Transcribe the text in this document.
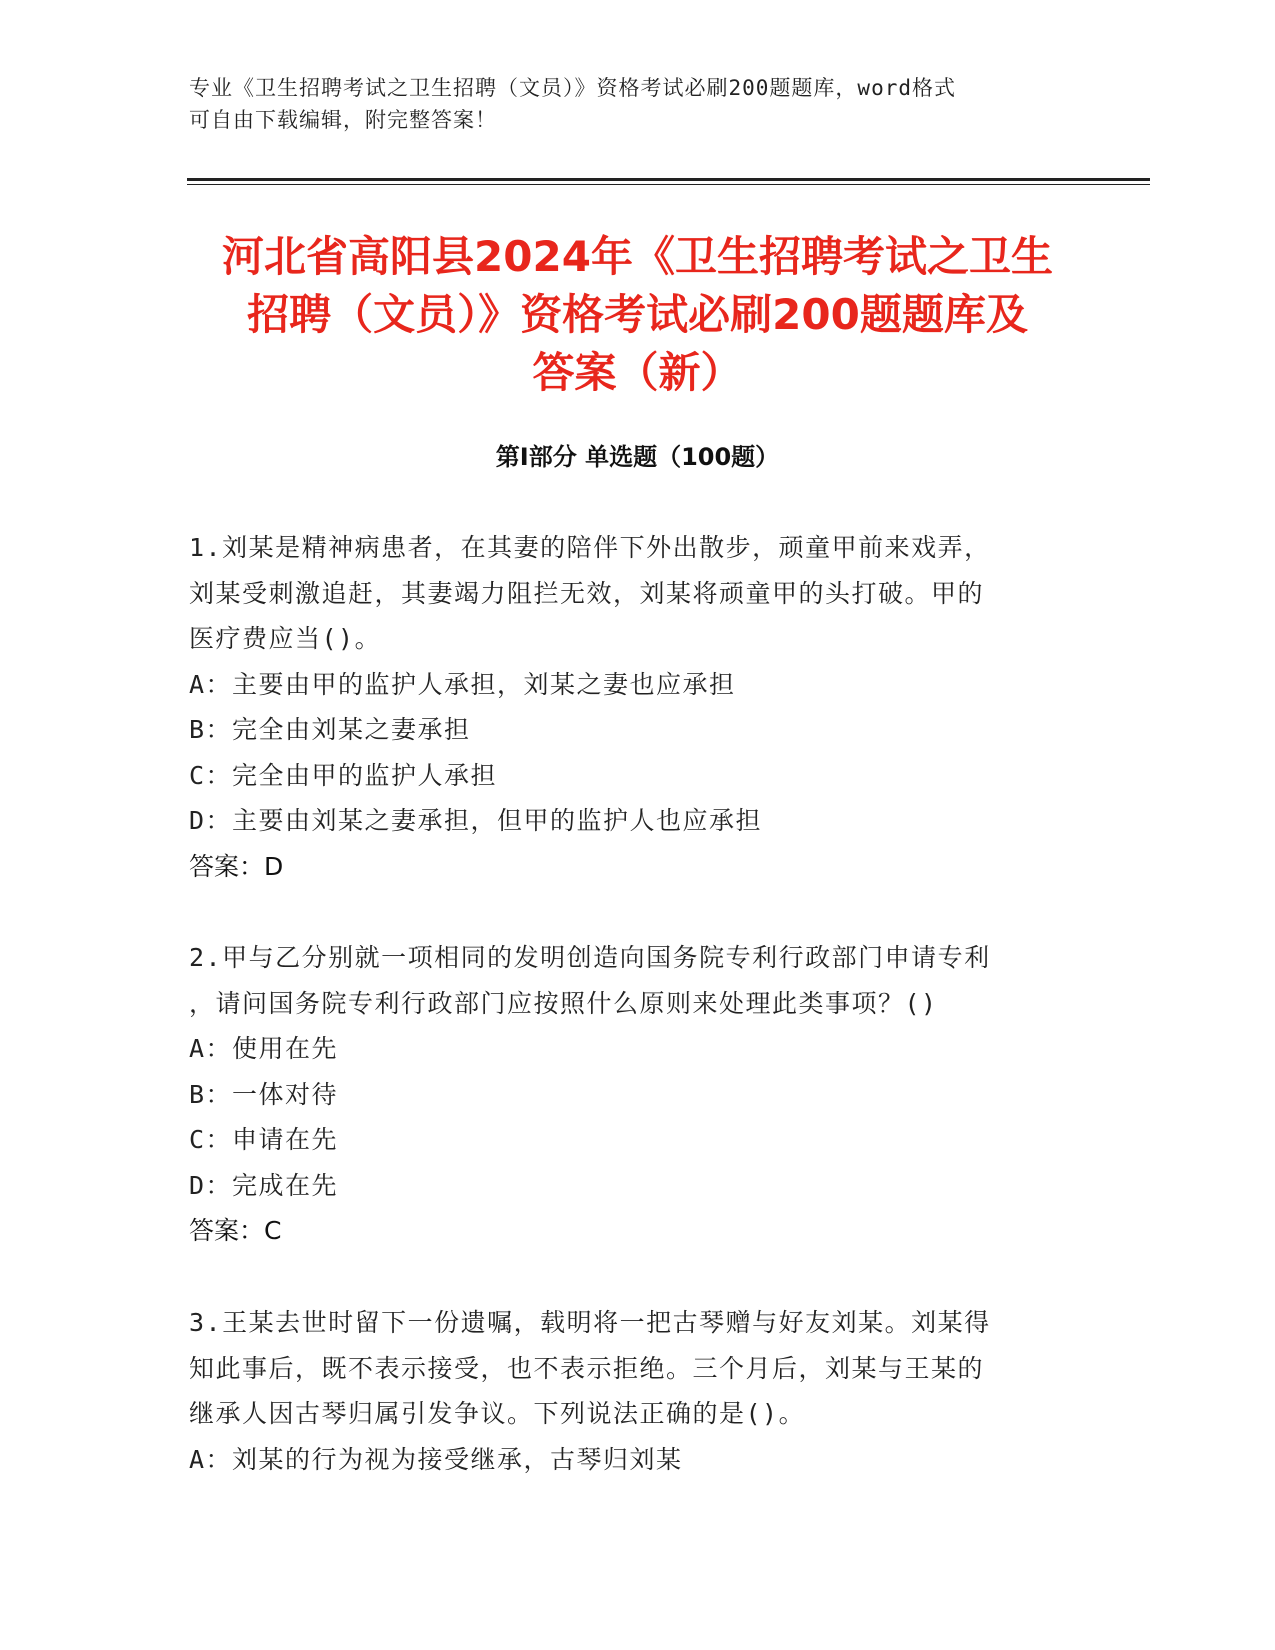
专业《卫生招聘考试之卫生招聘（文员）》资格考试必刷200题题库，word格式
可自由下载编辑，附完整答案！
河北省高阳县2024年《卫生招聘考试之卫生
招聘（文员）》资格考试必刷200题题库及
答案（新）
第Ⅰ部分 单选题（100题）
1.刘某是精神病患者，在其妻的陪伴下外出散步，顽童甲前来戏弄，
刘某受刺激追赶，其妻竭力阻拦无效，刘某将顽童甲的头打破。甲的
医疗费应当()。
A：主要由甲的监护人承担，刘某之妻也应承担
B：完全由刘某之妻承担
C：完全由甲的监护人承担
D：主要由刘某之妻承担，但甲的监护人也应承担
答案：D
2.甲与乙分别就一项相同的发明创造向国务院专利行政部门申请专利
，请问国务院专利行政部门应按照什么原则来处理此类事项？()
A：使用在先
B：一体对待
C：申请在先
D：完成在先
答案：C
3.王某去世时留下一份遗嘱，载明将一把古琴赠与好友刘某。刘某得
知此事后，既不表示接受，也不表示拒绝。三个月后，刘某与王某的
继承人因古琴归属引发争议。下列说法正确的是()。
A：刘某的行为视为接受继承，古琴归刘某
